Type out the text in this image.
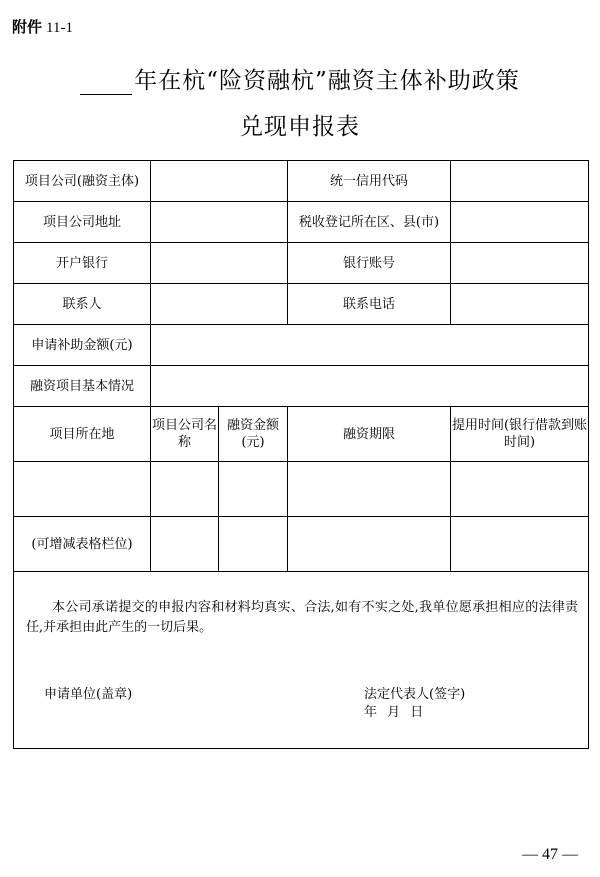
附件 11-1
年在杭“险资融杭”融资主体补助政策
兑现申报表
项目公司(融资主体)			统一信用代码	
项目公司地址			税收登记所在区、县(市)	
开户银行			银行账号	
联系人			联系电话	
申请补助金额(元)				
融资项目基本情况				
项目所在地	项目公司名称	融资金额(元)	融资期限	提用时间(银行借款到账时间)

(可增减表格栏位)				

本公司承诺提交的申报内容和材料均真实、合法,如有不实之处,我单位愿承担相应的法律责任,并承担由此产生的一切后果。
申请单位(盖章) 法定代表人(签字)
年 月 日				
— 47 —
